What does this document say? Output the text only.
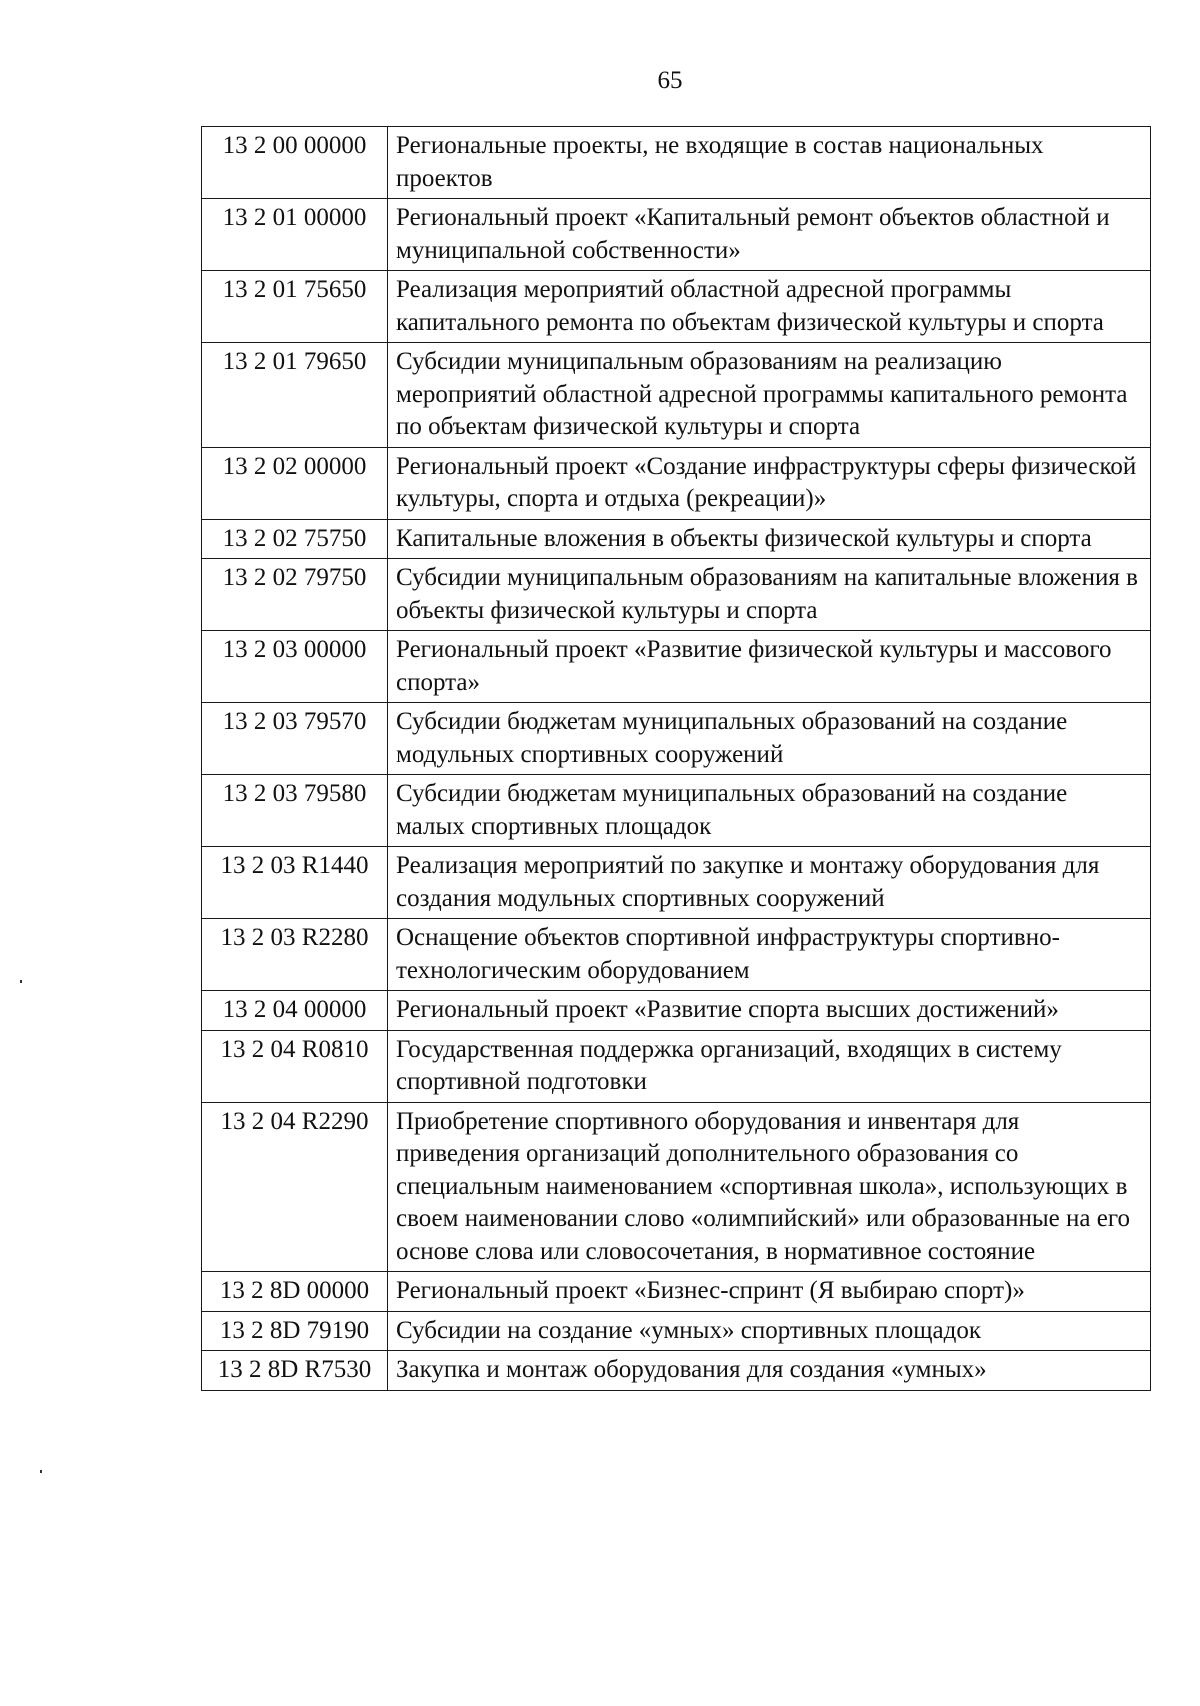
65
13 2 00 00000	Региональные проекты, не входящие в состав национальных проектов
13 2 01 00000	Региональный проект «Капитальный ремонт объектов областной и муниципальной собственности»
13 2 01 75650	Реализация мероприятий областной адресной программы капитального ремонта по объектам физической культуры и спорта
13 2 01 79650	Субсидии муниципальным образованиям на реализацию мероприятий областной адресной программы капитального ремонта по объектам физической культуры и спорта
13 2 02 00000	Региональный проект «Создание инфраструктуры сферы физической культуры, спорта и отдыха (рекреации)»
13 2 02 75750	Капитальные вложения в объекты физической культуры и спорта
13 2 02 79750	Субсидии муниципальным образованиям на капитальные вложения в объекты физической культуры и спорта
13 2 03 00000	Региональный проект «Развитие физической культуры и массового спорта»
13 2 03 79570	Субсидии бюджетам муниципальных образований на создание модульных спортивных сооружений
13 2 03 79580	Субсидии бюджетам муниципальных образований на создание малых спортивных площадок
13 2 03 R1440	Реализация мероприятий по закупке и монтажу оборудования для создания модульных спортивных сооружений
13 2 03 R2280	Оснащение объектов спортивной инфраструктуры спортивно-технологическим оборудованием
13 2 04 00000	Региональный проект «Развитие спорта высших достижений»
13 2 04 R0810	Государственная поддержка организаций, входящих в систему спортивной подготовки
13 2 04 R2290	Приобретение спортивного оборудования и инвентаря для приведения организаций дополнительного образования со специальным наименованием «спортивная школа», использующих в своем наименовании слово «олимпийский» или образованные на его основе слова или словосочетания, в нормативное состояние
13 2 8D 00000	Региональный проект «Бизнес-спринт (Я выбираю спорт)»
13 2 8D 79190	Субсидии на создание «умных» спортивных площадок
13 2 8D R7530	Закупка и монтаж оборудования для создания «умных»
